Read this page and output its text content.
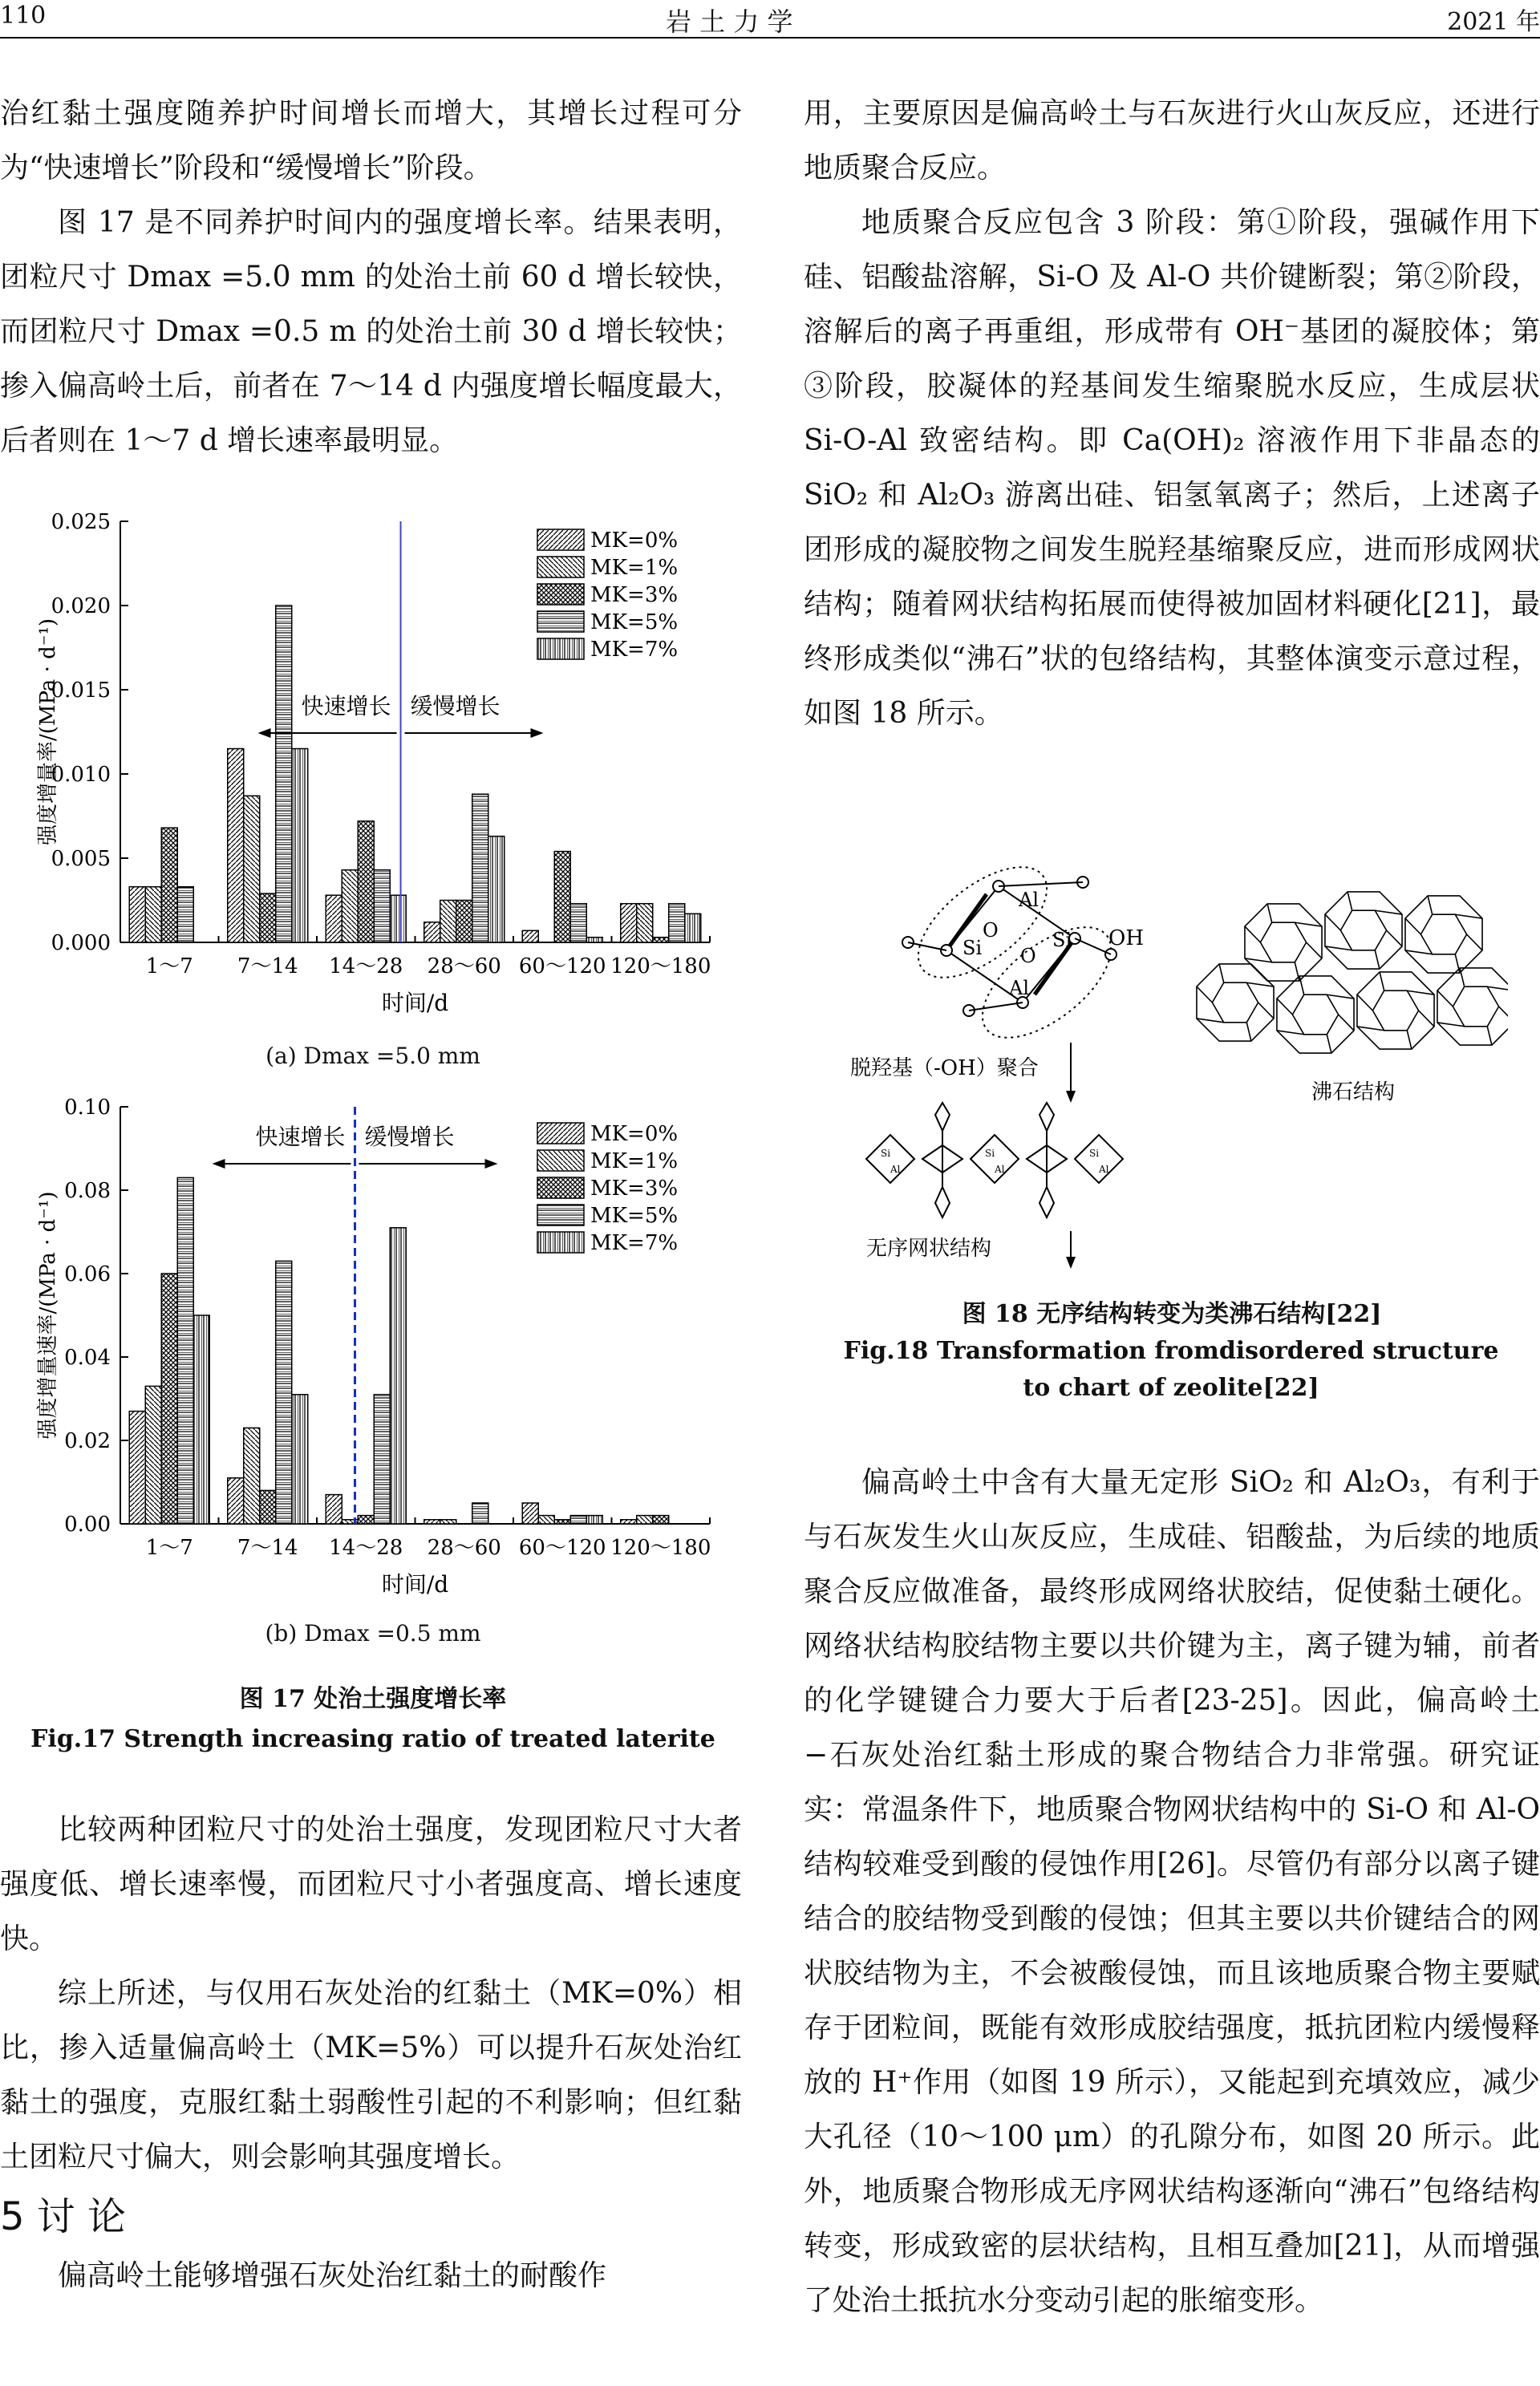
110	岩 土 力 学	2021 年

治红黏土强度随养护时间增长而增大，其增长过程可分为“快速增长”阶段和“缓慢增长”阶段。

图 17 是不同养护时间内的强度增长率。结果表明，团粒尺寸 Dmax =5.0 mm 的处治土前 60 d 增长较快，而团粒尺寸 Dmax =0.5 m 的处治土前 30 d 增长较快；掺入偏高岭土后，前者在 7～14 d 内强度增长幅度最大，后者则在 1～7 d 增长速率最明显。

0.000
0.005
0.010
0.015
0.020
0.025
1～7 7～14 14～28 28～60 60～120 120～180
快速增长 缓慢增长
MK=0%
MK=1%
MK=3%
MK=5%
MK=7%
时间/d
强度增量率/(MPa · d⁻¹)
(a) Dmax =5.0 mm
0.00
0.02
0.04
0.06
0.08
0.10
1～7 7～14 14～28 28～60 60～120 120～180
快速增长 缓慢增长	MK=0%
MK=1%
MK=3%
MK=5%
MK=7%
时间/d
强度增量速率/(MPa · d⁻¹)
(b) Dmax =0.5 mm
图 17 处治土强度增长率
Fig.17 Strength increasing ratio of treated laterite

比较两种团粒尺寸的处治土强度，发现团粒尺寸大者强度低、增长速率慢，而团粒尺寸小者强度高、增长速度快。

综上所述，与仅用石灰处治的红黏土（MK=0%）相比，掺入适量偏高岭土（MK=5%）可以提升石灰处治红黏土的强度，克服红黏土弱酸性引起的不利影响；但红黏土团粒尺寸偏大，则会影响其强度增长。

5 讨 论

偏高岭土能够增强石灰处治红黏土的耐酸作

用，主要原因是偏高岭土与石灰进行火山灰反应，还进行地质聚合反应。

地质聚合反应包含 3 阶段：第①阶段，强碱作用下硅、铝酸盐溶解，Si-O 及 Al-O 共价键断裂；第②阶段，溶解后的离子再重组，形成带有 OH⁻基团的凝胶体；第③阶段，胶凝体的羟基间发生缩聚脱水反应，生成层状 Si-O-Al 致密结构。即 Ca(OH)₂ 溶液作用下非晶态的 SiO₂ 和 Al₂O₃ 游离出硅、铝氢氧离子；然后，上述离子团形成的凝胶物之间发生脱羟基缩聚反应，进而形成网状结构；随着网状结构拓展而使得被加固材料硬化[21]，最终形成类似“沸石”状的包络结构，其整体演变示意过程，如图 18 所示。

O
Al
O
Si	Si
Al
OH
脱羟基（-OH）聚合
Si
Al
Si
Al
Si
Al
无序网状结构
沸石结构
图 18 无序结构转变为类沸石结构[22]
Fig.18 Transformation fromdisordered structure to chart of zeolite[22]

偏高岭土中含有大量无定形 SiO₂ 和 Al₂O₃，有利于与石灰发生火山灰反应，生成硅、铝酸盐，为后续的地质聚合反应做准备，最终形成网络状胶结，促使黏土硬化。网络状结构胶结物主要以共价键为主，离子键为辅，前者的化学键键合力要大于后者[23-25]。因此，偏高岭土−石灰处治红黏土形成的聚合物结合力非常强。研究证实：常温条件下，地质聚合物网状结构中的 Si-O 和 Al-O 结构较难受到酸的侵蚀作用[26]。尽管仍有部分以离子键结合的胶结物受到酸的侵蚀；但其主要以共价键结合的网状胶结物为主，不会被酸侵蚀，而且该地质聚合物主要赋存于团粒间，既能有效形成胶结强度，抵抗团粒内缓慢释放的 H⁺作用（如图 19 所示），又能起到充填效应，减少大孔径（10～100 μm）的孔隙分布，如图 20 所示。此外，地质聚合物形成无序网状结构逐渐向“沸石”包络结构转变，形成致密的层状结构，且相互叠加[21]，从而增强了处治土抵抗水分变动引起的胀缩变形。
